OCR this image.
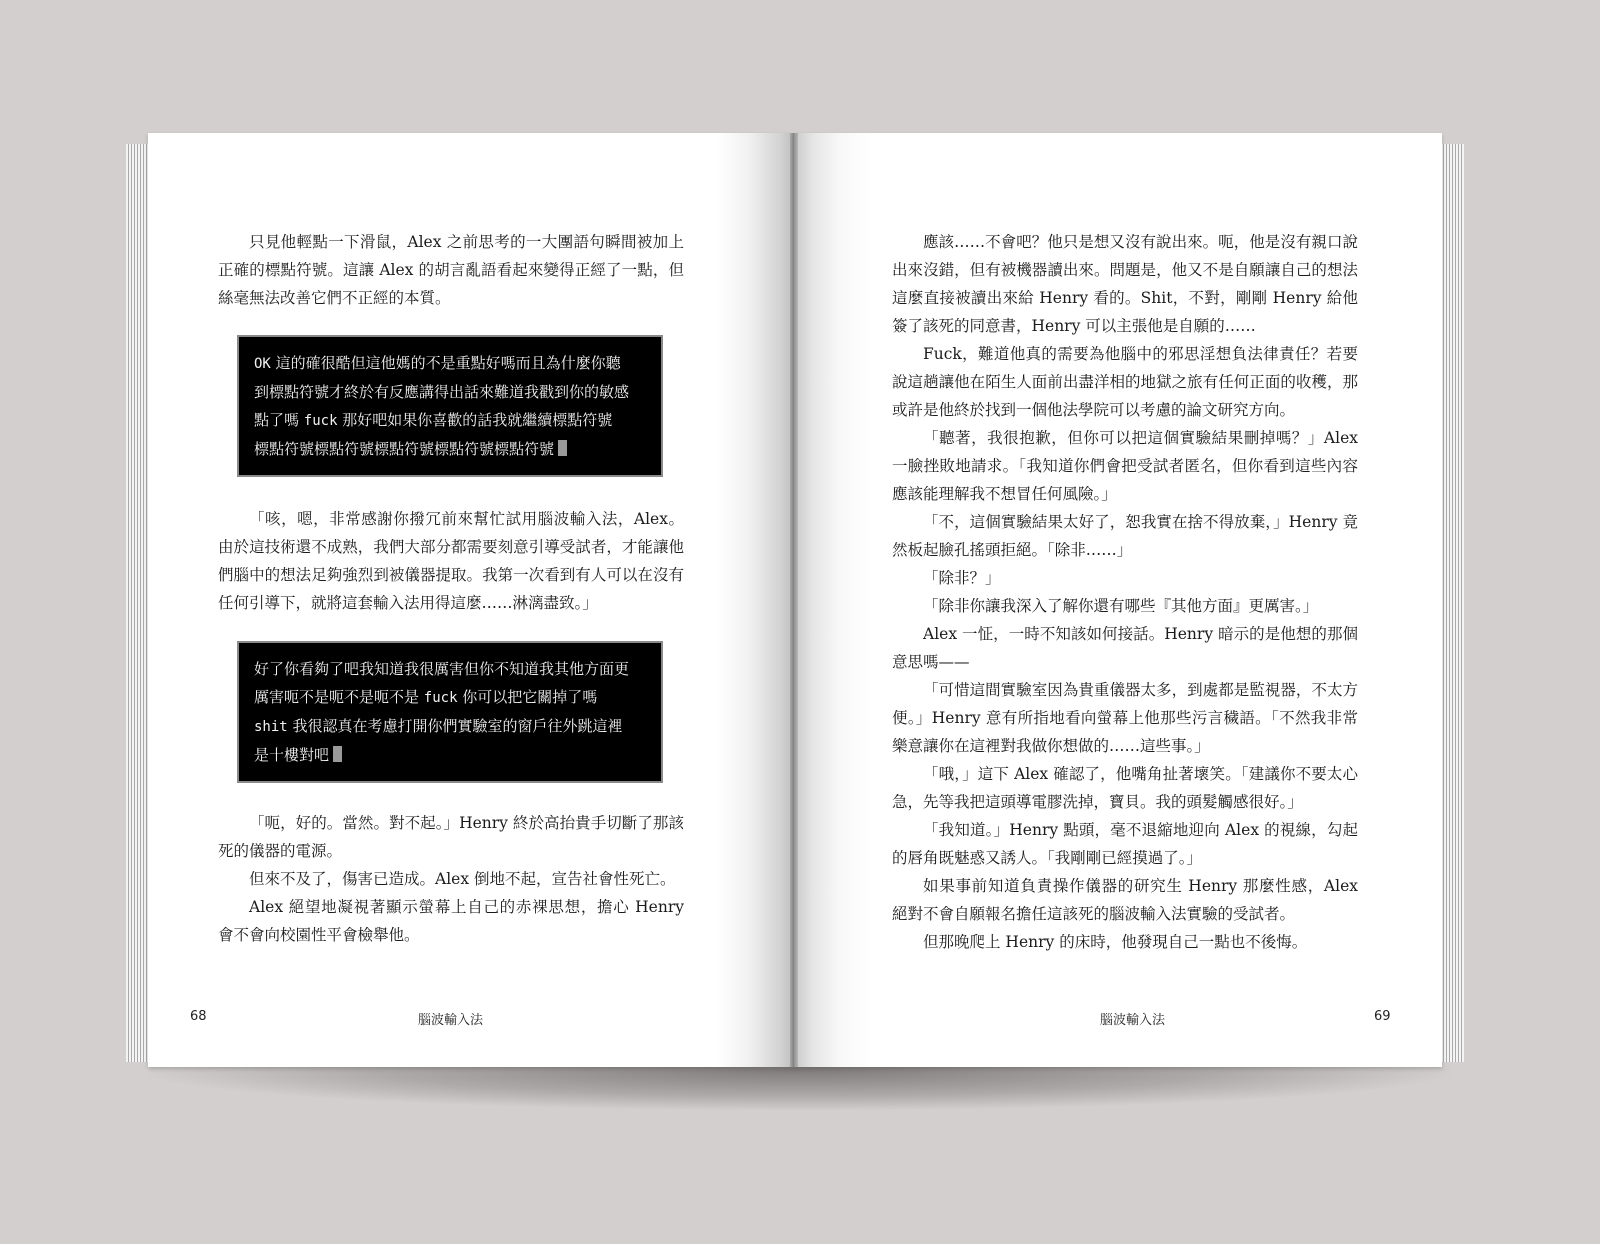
只見他輕點一下滑鼠，Alex 之前思考的一大團語句瞬間被加上正確的標點符號。這讓 Alex 的胡言亂語看起來變得正經了一點，但絲毫無法改善它們不正經的本質。

OK 這的確很酷但這他媽的不是重點好嗎而且為什麼你聽
到標點符號才終於有反應講得出話來難道我戳到你的敏感
點了嗎 fuck 那好吧如果你喜歡的話我就繼續標點符號
標點符號標點符號標點符號標點符號標點符號

「咳，嗯，非常感謝你撥冗前來幫忙試用腦波輸入法，Alex。由於這技術還不成熟，我們大部分都需要刻意引導受試者，才能讓他們腦中的想法足夠強烈到被儀器提取。我第一次看到有人可以在沒有任何引導下，就將這套輸入法用得這麼……淋漓盡致。」

好了你看夠了吧我知道我很厲害但你不知道我其他方面更
厲害呃不是呃不是呃不是 fuck 你可以把它關掉了嗎
shit 我很認真在考慮打開你們實驗室的窗戶往外跳這裡
是十樓對吧

「呃，好的。當然。對不起。」Henry 終於高抬貴手切斷了那該死的儀器的電源。

但來不及了，傷害已造成。Alex 倒地不起，宣告社會性死亡。

Alex 絕望地凝視著顯示螢幕上自己的赤裸思想，擔心 Henry 會不會向校園性平會檢舉他。

68	腦波輸入法

應該……不會吧？他只是想又沒有說出來。呃，他是沒有親口說出來沒錯，但有被機器讀出來。問題是，他又不是自願讓自己的想法這麼直接被讀出來給 Henry 看的。Shit，不對，剛剛 Henry 給他簽了該死的同意書，Henry 可以主張他是自願的……

Fuck，難道他真的需要為他腦中的邪思淫想負法律責任？若要說這趟讓他在陌生人面前出盡洋相的地獄之旅有任何正面的收穫，那或許是他終於找到一個他法學院可以考慮的論文研究方向。

「聽著，我很抱歉，但你可以把這個實驗結果刪掉嗎？」Alex 一臉挫敗地請求。「我知道你們會把受試者匿名，但你看到這些內容應該能理解我不想冒任何風險。」

「不，這個實驗結果太好了，恕我實在捨不得放棄，」Henry 竟然板起臉孔搖頭拒絕。「除非……」

「除非？」

「除非你讓我深入了解你還有哪些『其他方面』更厲害。」

Alex 一怔，一時不知該如何接話。Henry 暗示的是他想的那個意思嗎——

「可惜這間實驗室因為貴重儀器太多，到處都是監視器，不太方便。」Henry 意有所指地看向螢幕上他那些污言穢語。「不然我非常樂意讓你在這裡對我做你想做的……這些事。」

「哦，」這下 Alex 確認了，他嘴角扯著壞笑。「建議你不要太心急，先等我把這頭導電膠洗掉，寶貝。我的頭髮觸感很好。」

「我知道。」Henry 點頭，毫不退縮地迎向 Alex 的視線，勾起的唇角既魅惑又誘人。「我剛剛已經摸過了。」

如果事前知道負責操作儀器的研究生 Henry 那麼性感，Alex 絕對不會自願報名擔任這該死的腦波輸入法實驗的受試者。

但那晚爬上 Henry 的床時，他發現自己一點也不後悔。

腦波輸入法	69
